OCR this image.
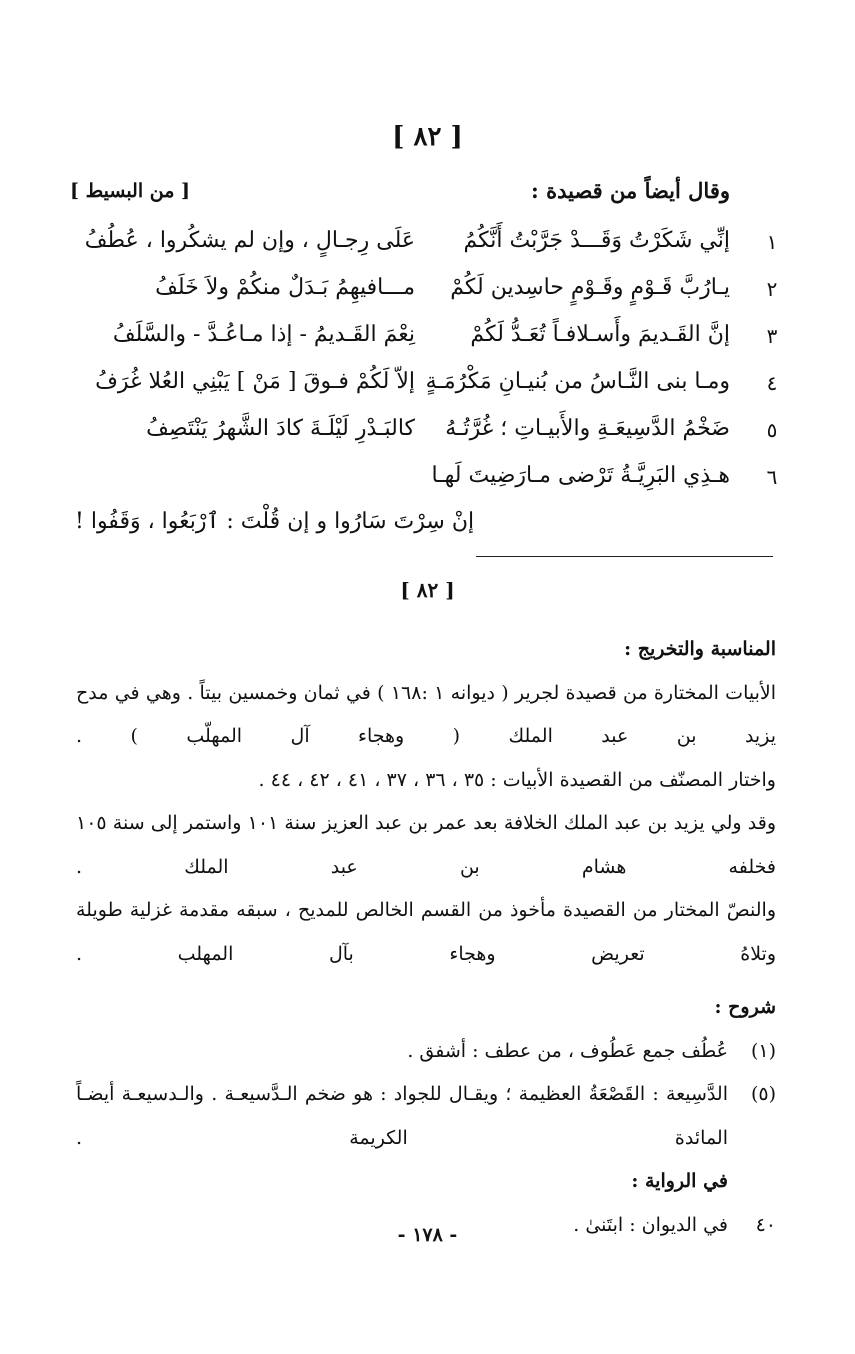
[ ٨٢ ]
وقال أيضاً من قصيدة :
[ من البسيط ]
١
إنِّي شَكَرْتُ وَقَـــدْ جَرَّبْتُ أَنَّكُمُ
عَلَى رِجـالٍ ، وإن لم يشكُروا ، عُطُفُ
٢
يـارُبَّ قَـوْمٍ وقَـوْمٍ حاسِدين لَكُمْ
مـــافيهِمُ بَـدَلٌ منكُمْ ولاَ خَلَفُ
٣
إنَّ القَـديمَ وأَسـلافـاً تُعَـدُّ لَكُمْ
نِعْمَ القَـديمُ - إذا مـاعُـدَّ - والسَّلَفُ
٤
ومـا بنى النَّـاسُ من بُنيـانِ مَكْرُمَـةٍ
إلاّ لَكُمْ فـوقَ [ مَنْ ] يَبْنِي العُلا غُرَفُ
٥
ضَخْمُ الدَّسِيعَـةِ والأَبيـاتِ ؛ غُرَّتُـهُ
كالبَـدْرِ لَيْلَـةَ كادَ الشَّهرُ يَنْتَصِفُ
٦
هـذِي البَرِيَّـةُ تَرْضى مـارَضِيتَ لَهـا
إنْ سِرْتَ سَارُوا و إن قُلْتَ : ٱرْبَعُوا ، وَقَفُوا !
[ ٨٢ ]
المناسبة والتخريج :

الأبيات المختارة من قصيدة لجرير ( ديوانه ١ :١٦٨ ) في ثمان وخمسين بيتاً . وهي في مدح يزيد بن عبد الملك ( وهجاء آل المهلّب ) .

واختار المصنّف من القصيدة الأبيات : ٣٥ ، ٣٦ ، ٣٧ ، ٤١ ، ٤٢ ، ٤٤ .

وقد ولي يزيد بن عبد الملك الخلافة بعد عمر بن عبد العزيز سنة ١٠١ واستمر إلى سنة ١٠٥ فخلفه هشام بن عبد الملك .

والنصّ المختار من القصيدة مأخوذ من القسم الخالص للمديح ، سبقه مقدمة غزلية طويلة وتلاهُ تعريض وهجاء بآل المهلب .

شروح :
(١)
عُطُف جمع عَطُوف ، من عطف : أشفق .
(٥)
الدَّسِيعة : القَصْعَةُ العظيمة ؛ ويقـال للجواد : هو ضخم الـدَّسيعـة . والـدسيعـة أيضـاً المائدة الكريمة .
في الرواية :
٤٠
في الديوان : ابتَنىٰ .
- ١٧٨ -
